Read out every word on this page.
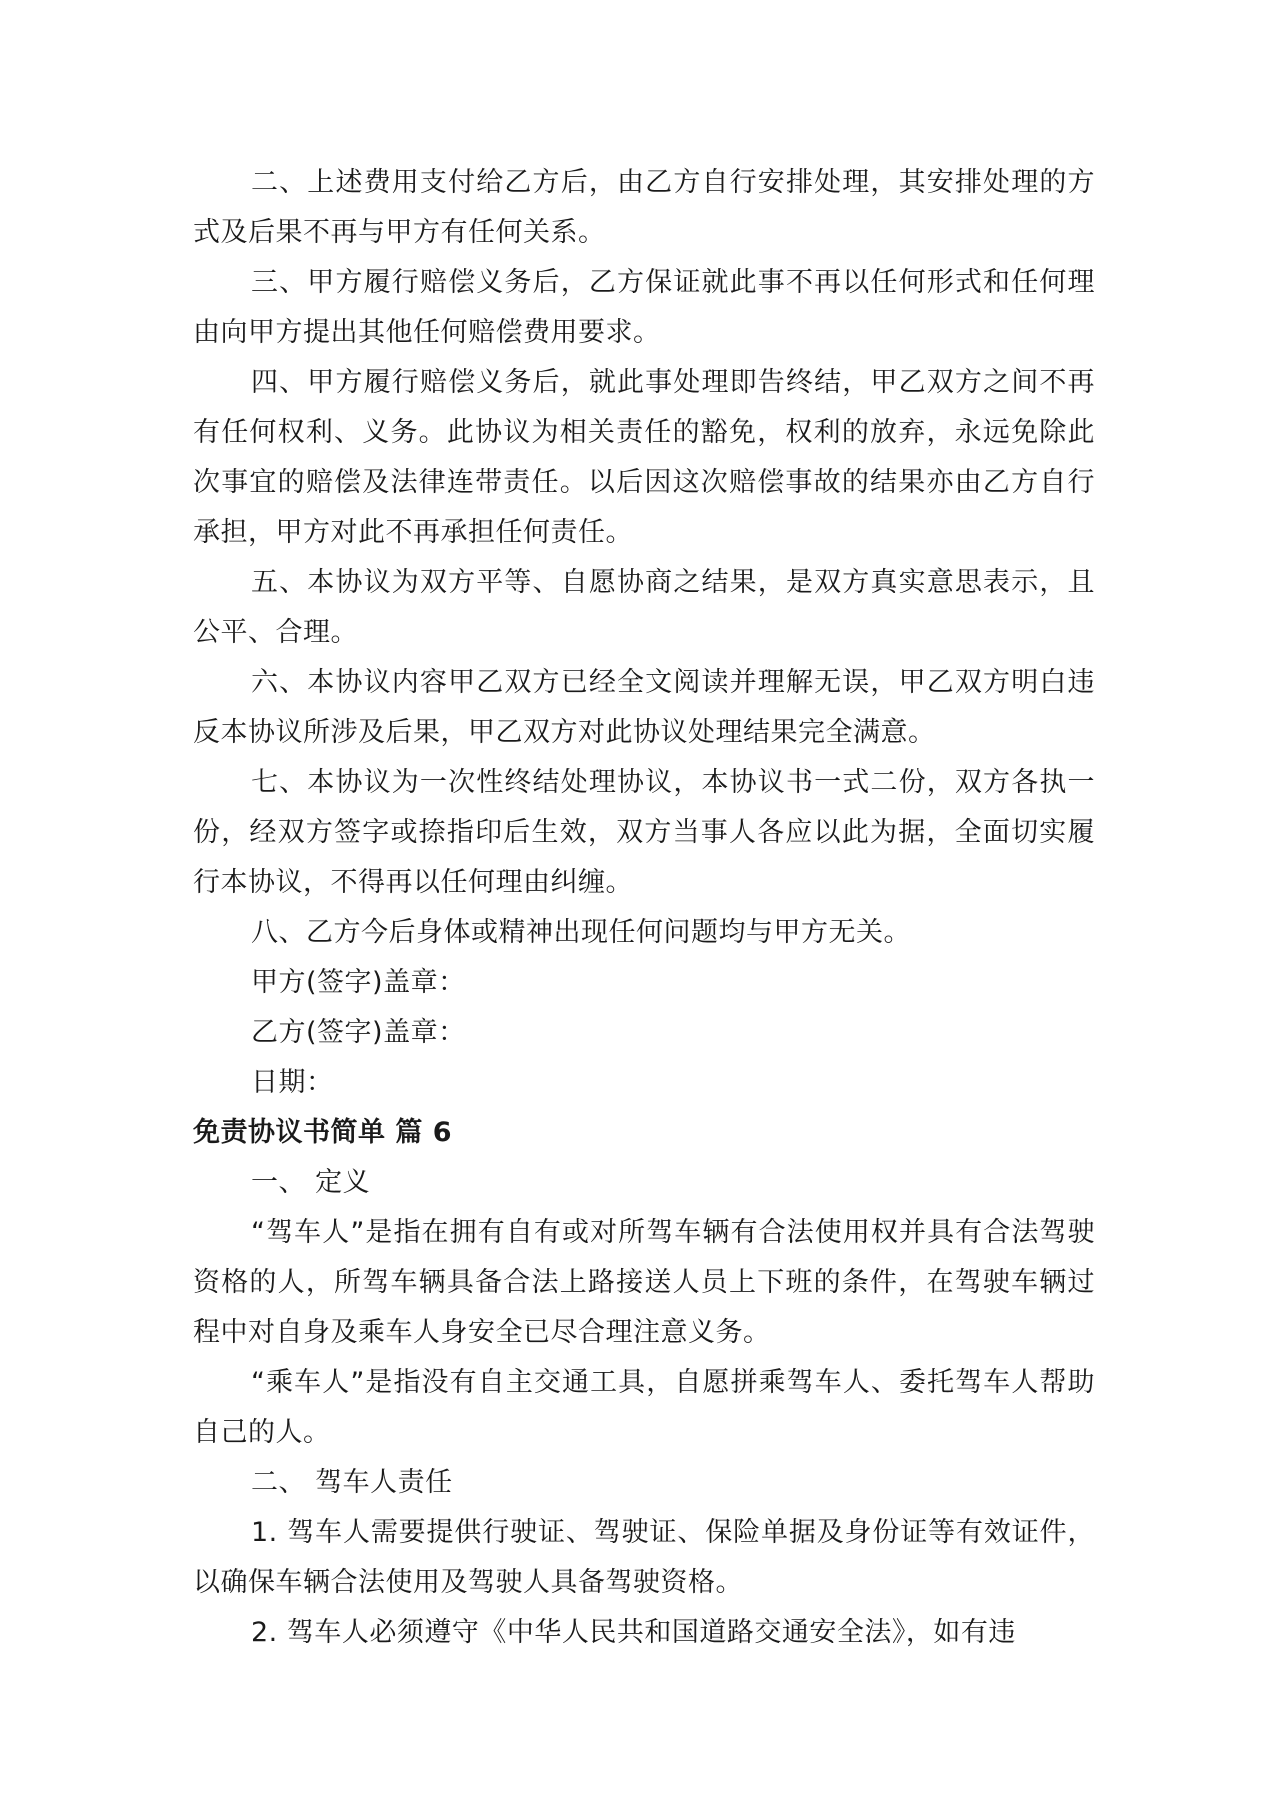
二、上述费用支付给乙方后，由乙方自行安排处理，其安排处理的方式及后果不再与甲方有任何关系。

三、甲方履行赔偿义务后，乙方保证就此事不再以任何形式和任何理由向甲方提出其他任何赔偿费用要求。

四、甲方履行赔偿义务后，就此事处理即告终结，甲乙双方之间不再有任何权利、义务。此协议为相关责任的豁免，权利的放弃，永远免除此次事宜的赔偿及法律连带责任。以后因这次赔偿事故的结果亦由乙方自行承担，甲方对此不再承担任何责任。

五、本协议为双方平等、自愿协商之结果，是双方真实意思表示，且公平、合理。

六、本协议内容甲乙双方已经全文阅读并理解无误，甲乙双方明白违反本协议所涉及后果，甲乙双方对此协议处理结果完全满意。

七、本协议为一次性终结处理协议，本协议书一式二份，双方各执一份，经双方签字或捺指印后生效，双方当事人各应以此为据，全面切实履行本协议，不得再以任何理由纠缠。

八、乙方今后身体或精神出现任何问题均与甲方无关。

甲方(签字)盖章：

乙方(签字)盖章：

日期：

免责协议书简单 篇 6

一、 定义

“驾车人”是指在拥有自有或对所驾车辆有合法使用权并具有合法驾驶资格的人，所驾车辆具备合法上路接送人员上下班的条件，在驾驶车辆过程中对自身及乘车人身安全已尽合理注意义务。

“乘车人”是指没有自主交通工具，自愿拼乘驾车人、委托驾车人帮助自己的人。

二、 驾车人责任

1. 驾车人需要提供行驶证、驾驶证、保险单据及身份证等有效证件，以确保车辆合法使用及驾驶人具备驾驶资格。

2. 驾车人必须遵守《中华人民共和国道路交通安全法》，如有违
